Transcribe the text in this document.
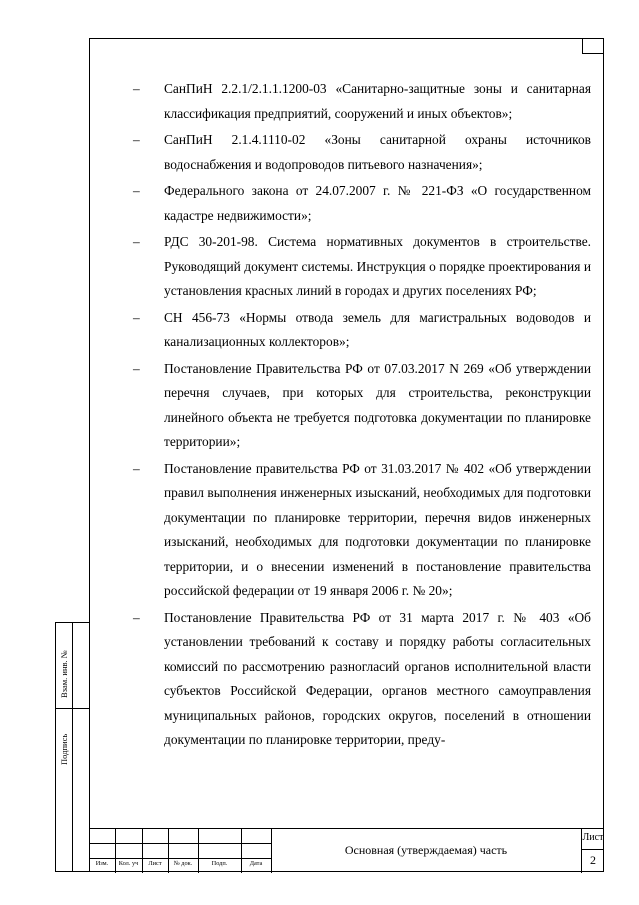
Взам. инв. №
Подпись
– СанПиН 2.2.1/2.1.1.1200-03 «Санитарно-защитные зоны и санитарная классификация предприятий, сооружений и иных объектов»;
– СанПиН 2.1.4.1110-02 «Зоны санитарной охраны источников водоснабжения и водопроводов питьевого назначения»;
– Федерального закона от 24.07.2007 г. № 221-ФЗ «О государственном кадастре недвижимости»;
– РДС 30-201-98. Система нормативных документов в строительстве. Руководящий документ системы. Инструкция о порядке проектирования и установления красных линий в городах и других поселениях РФ;
– СН 456-73 «Нормы отвода земель для магистральных водоводов и канализационных коллекторов»;
– Постановление Правительства РФ от 07.03.2017 N 269 «Об утверждении перечня случаев, при которых для строительства, реконструкции линейного объекта не требуется подготовка документации по планировке территории»;
– Постановление правительства РФ от 31.03.2017 № 402 «Об утверждении правил выполнения инженерных изысканий, необходимых для подготовки документации по планировке территории, перечня видов инженерных изысканий, необходимых для подготовки документации по планировке территории, и о внесении изменений в постановление правительства российской федерации от 19 января 2006 г. № 20»;
– Постановление Правительства РФ от 31 марта 2017 г. № 403 «Об установлении требований к составу и порядку работы согласительных комиссий по рассмотрению разногласий органов исполнительной власти субъектов Российской Федерации, органов местного самоуправления муниципальных районов, городских округов, поселений в отношении документации по планировке территории, преду-
Изм.	Кол. уч	Лист	№ док.	Подп.	Дата
Основная (утверждаемая) часть
Лист
2
